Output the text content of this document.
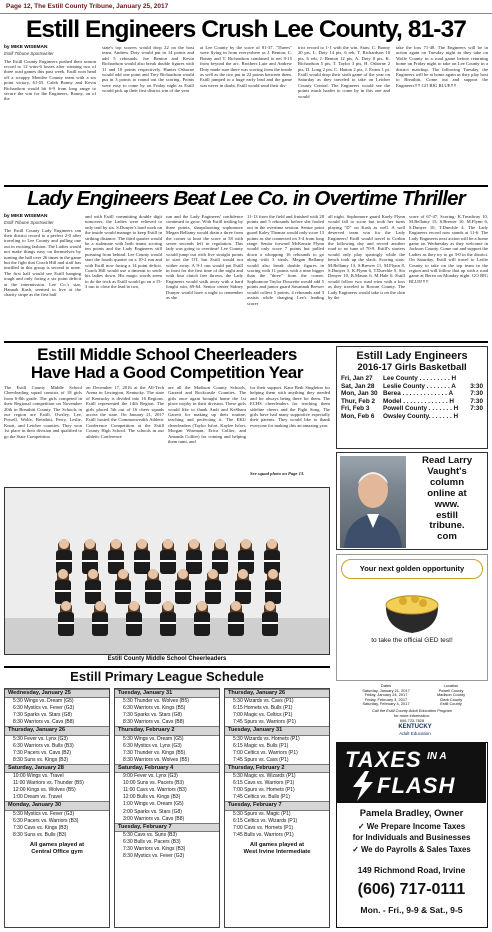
Page 12, The Estill County Tribune, January 25, 2017
Estill Engineers Crush Lee County, 81-37
by MIKE WISEMAN
Estill Tribune Sportswriter
The Estill County Engineers pushed their season record to 12 wins-6 losses after winning two of three road games this past week. Estill won head off a scrappy Menifee County team with a six point victory, 61-55. Caleb Bonny and Kevin Richardson would hit 6-9 from long range to secure the win for the Engineers. Bonny, on of the
state's top scorers would drop 22 on the host team. Andrew Doty would put in 14 points and add 5 rebounds. Joe Benton and Kevin Richardson would also break double figures with 11 and 10 points respectively. Hunter Osborne would add one point and Trey Richardson would put in 3 points to round out the scoring. Points were easy to come by on Friday night as Estill would pick up their first district win of the year
at Lee County by the score of 81-37. "Threes" were flying in from everywhere as J. Benton, C. Bonny and T. Richardson combined to net 9-15 from beyond the arc. Brothers Luie and Andrew Doty made sure there was scoring from the inside as well as the two put in 22 points between them. Estill jumped to a huge early lead and the game was never in doubt. Estill would send their dis-
trict record to 1-1 with the win. Stats: C. Bonny 20 pts, L. Doty 14 pts, 6 reb, T. Richardson 10 pts, 6 reb, J. Benton 12 pts, A. Doty 8 pts, K. Richardson 5 pts, T. Taylor 3 pts, H. Osborne 2 pts, D. Long 2 pts, C. Hatton 2 pts, J. Evans 1 pt. Estill would drop their sixth game of the year on Saturday as they traveled to take on Letcher County Central. The Engineers would see the points much harder to come by in this one and would
take the loss 71-48. The Engineers will be in action again on Tuesday night as they take on Wolfe County in a road game before returning home on Friday night to take on Lee County in a district matchup. The following Tuesday, the Engineers will be at home again as they play host to Breathitt. Come out and support the Engineers!!!! GO BIG BLUE!!!!
Lady Engineers Beat Lee Co. in Overtime Thriller
by MIKE WISEMAN
Estill Tribune Sportswriter
The Estill County Lady Engineers ran their district record to a perfect 2-0 after traveling to Lee County and pulling one out in exciting fashion. The Ladies would not make things easy on themselves by turning the ball over 26 times in the game but the fight that Coach Hill and staff has instilled in this group is second to none. The first half would see Estill hanging tough and only facing a six point deficit at the intermission. Lee Co.'s star, Hannah Kash, seemed to live at the charity stripe as the first half
and with Estill committing double digit turnovers, the Ladies were relieved to only trail by six. S.Dunyer's hard work on the inside would manage to keep Estill in striking distance. The third quarter would be a stalemate with both teams scoring ten points and the Lady Engineers still pursuing from behind. Lee County would start the fourth quarter on a 10-2 run and with Estill now facing a 14 point deficit, Coach Hill would use a timeout to settle his ladies down. His magic words seem to do the trick as Estill would go on a 15-3 run to close the lead to two,
run and the Lady Engineers' confidence continued to grow. With Estill trailing by three points, sharpshooting sophomore Megan Bellamy would drain a three from the corner to knot the score at 58 with seven seconds left in regulation. This lady was going to overtime! Lee County would jump out with five straight points to start the OT, but Estill would not wither away. A 9-1 run would put Estill in front for the first time of the night and with four clutch free throws, the Lady Engineers would walk away with a hard fought win, 69-64. Senior center Sidney Dunyer would have a night to remember as she
11-13 from the field and finished with 28 points and 5 rebounds before she fouled out in the overtime session. Senior point guard Kaley Thomas would only score 13 points as she connected on 3-4 from long range. Senior forward McKenzie Flynn would only score 7 points but pulled down a whopping 16 rebounds to go along with 3 steals. Megan Bellamy would also break double figures in scoring with 11 points with a nine bigger than the "three" from the corner. Sophomore Taylor Doucette would add 5 points and junior guard Savannah Brewer would collect 5 points, 4 rebounds and 3 assists while charging Lee's leading scorer
all night. Sophomore guard Kaely Flynn would fall to score but took her turns playing "D" on Kash as well. A well deserved team win for the Lady Engineers! Estill would travel to Corbin the following day and record another road to no tune of 70-9. Estill's starters would only play sparingly while the bench took up the slack. Scoring stats: M.Bellamy 13, S.Brewer 11, M.Flynn 8, S.Dunyer 5, K.Flynn 6, T.Duechle 5, Six Denyer 10, B.Mason 6, M.Hale 6. Estill would follow two road wins with a loss as they traveled to Rowan County. The Lady Engineers would take it on the chin by the
score of 67-47. Scoring: K.Treadway 10, M.Bellamy 15, S.Brewer 10, M.Flynn 6, S.Dunyer 10, T.Duechle 4. The Lady Engineers record now stands at 11-6. The Lady Engineers next action will be a home game on Wednesday as they welcome in Jackson County. Come out and support the Ladies as they try to go 3-0 in the district. On Saturday, Estill will travel to Leslie County to take on the top team in the region and will follow that up with a road game at Berea on Monday night. GO BIG BLUE!!!!!
Estill Middle School Cheerleaders
Have Had a Good Competition Year
The Estill County Middle School Cheerleading squad consists of 18 girls from 6-8th grade. The girls competed in their Regional competition on November 20th in Breathitt County. The Schools in our region are Estill, Owsley, Lee, Powell, Wolfe, Breathitt, Perry, Leslie, Knott, and Letcher counties. They won 1st place in their division and qualified to go the State Competition
on December 17, 2016 at the All-Tech Arena in Lexington, Kentucky. The state of Kentucky is divided into 16 Regions. Estill represented the 14th Region. The girls placed 5th out of 16 cheer squads across the state. On January 21, 2017 Estill hosted the Commonwealth Athletic Conference Competition at the Estill County High School. The schools in our athletic Conference
are all the Madison County Schools, Garrard and Rockcastle Counties. The girls once again brought home the 1st place trophy in their division. These girls would like to thank Andi and KeShara Garrett for making up their routine, teaching and perfecting it. The EKU cheerleaders (Taylor Isfort, Kaylee Isfort, Morgan Wiseman, Erica Collier, and Amanda Collier) for coming and helping them tumt, and
for their support. Kara Beth Singleton for helping them with anything they needed and for always being there for them. The ECHS cheerleaders for teaching them sideline cheers and the Fight Song. The girls have had many supportive especially their parents. They would like to thank everyone for making this an amazing year.
See squad photo on Page 13.
Estill County Middle School Cheerleaders
Estill Lady Engineers
2016-17 Girls Basketball
Fri, Jan 27	Lee County . . . . . . . . . H
Sat, Jan 28	Leslie County . . . . . . . A	3:30
Mon, Jan 30 Berea . . . . . . . . . . . . . A	7:30
Thur, Feb 2	Model . . . . . . . . . . . . . H	7:30
Fri, Feb 3	Powell County . . . . . . . H	7:30
Mon, Feb 6	Owsley County. . . . . . . H
Read Larry
Vaught's
column
online at
www.
estill
tribune.
com
Your next golden opportunity
to take the official GED test!
Dates
Saturday, January 21, 2017
Friday, January 24, 2017
Friday, February 3, 2017
Saturday, February 4, 2017
Location
Powell County
Madison County
Clark County
Estill County
Call the Estill County Adult Education Program
for more information:
606-723-7828
KENTUCKY
Adult Education
Estill Primary League Schedule
Wednesday, January 25
5:30 Wings vs. Dream (G5)
6:30 Mystics vs. Fever (G3)
7:30 Sparks vs. Stars (G8)
8:30 Warriors vs. Cavs (B8)
Thursday, January 26
5:30 Fever vs. Lynx (G3)
6:30 Warriors vs. Bulls (B3)
7:30 Pacers vs. Cavs (B2)
8:30 Suns vs. Kings (B3)
Saturday, January 28
10:00 Wings vs. Travel
11:00 Warriors vs. Thunder (B5)
12:00 Kings vs. Wolves (B5)
1:00 Dream vs. Travel
Monday, January 30
5:30 Mystics vs. Fever (G3)
6:30 Pacers vs. Warriors (B3)
7:30 Cavs vs. Kings (B3)
8:30 Suns vs. Bulls (B3)
All games played at
Central Office gym
Tuesday, January 31
5:30 Thunder vs. Wolves (B5)
6:30 Warriors vs. Kings (B5)
7:30 Sparks vs. Stars (G8)
8:30 Warriors vs. Cavs (B8)
Thursday, February 2
5:30 Wings vs. Dream (G5)
6:30 Mystics vs. Lynx (G3)
7:30 Thunder vs. Kings (B5)
8:30 Warriors vs. Wolves (B5)
Saturday, February 4
9:00 Fever vs. Lynx (G3)
10:00 Suns vs. Pacers (B3)
11:00 Cavs vs. Warriors (B3)
12:00 Bulls vs. Kings (B3)
1:00 Wings vs. Dream (G5)
2:00 Sparks vs. Stars (G8)
3:00 Warriors vs. Cavs (B8)
Tuesday, February 7
5:30 Cavs vs. Suns (B3)
6:30 Bulls vs. Pacers (B3)
7:30 Warriors vs. Kings (B3)
8:30 Mystics vs. Fever (G3)
Thursday, January 26
5:30 Wizards vs. Cavs (P1)
6:15 Hornets vs. Bulls (P1)
7:00 Magic vs. Celtics (P1)
7:45 Spurs vs. Warriors (P1)
Tuesday, January 31
5:30 Wizards vs. Hornets (P1)
6:15 Magic vs. Bulls (P1)
7:00 Celtics vs. Warriors (P1)
7:45 Spurs vs. Cavs (P1)
Thursday, February 2
5:30 Magic vs. Wizards (P1)
6:15 Cavs vs. Warriors (P1)
7:00 Spurs vs. Hornets (P1)
7:45 Celtics vs. Bulls (P1)
Tuesday, February 7
5:30 Spurs vs. Magic (P1)
6:15 Celtics vs. Wizards (P1)
7:00 Cavs vs. Hornets (P1)
7:45 Bulls vs. Warriors (P1)
All games played at
West Irvine Intermediate
TAXES IN A
FLASH
Pamela Bradley, Owner
✓ We Prepare Income Taxes
for Individuals and Businesses
✓ We do Payrolls & Sales Taxes
149 Richmond Road, Irvine
(606) 717-0111
Mon. - Fri., 9-9 & Sat., 9-5
